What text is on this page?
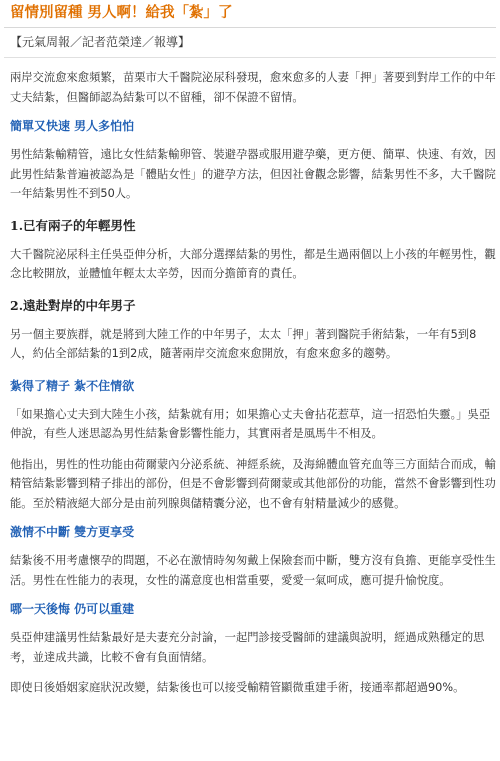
留情別留種 男人啊！給我「紮」了
【元氣周報／記者范榮達／報導】

兩岸交流愈來愈頻繁，苗栗市大千醫院泌尿科發現，愈來愈多的人妻「押」著要到對岸工作的中年丈夫結紮，但醫師認為結紮可以不留種，卻不保證不留情。

簡單又快速 男人多怕怕

男性結紮輸精管，遠比女性結紮輸卵管、裝避孕器或服用避孕藥，更方便、簡單、快速、有效，因此男性結紮普遍被認為是「體貼女性」的避孕方法，但因社會觀念影響，結紮男性不多，大千醫院一年結紮男性不到50人。

1.已有兩子的年輕男性

大千醫院泌尿科主任吳亞伸分析，大部分選擇結紮的男性，都是生過兩個以上小孩的年輕男性，觀念比較開放，並體恤年輕太太辛勞，因而分擔節育的責任。

2.遠赴對岸的中年男子

另一個主要族群，就是將到大陸工作的中年男子，太太「押」著到醫院手術結紮，一年有5到8人，約佔全部結紮的1到2成，隨著兩岸交流愈來愈開放，有愈來愈多的趨勢。

紮得了精子 紮不住情欲

「如果擔心丈夫到大陸生小孩，結紮就有用；如果擔心丈夫會拈花惹草，這一招恐怕失靈。」吳亞伸說，有些人迷思認為男性結紮會影響性能力，其實兩者是風馬牛不相及。

他指出，男性的性功能由荷爾蒙內分泌系統、神經系統，及海綿體血管充血等三方面結合而成，輸精管結紮影響到精子排出的部份，但是不會影響到荷爾蒙或其他部份的功能，當然不會影響到性功能。至於精液絕大部分是由前列腺與儲精囊分泌，也不會有射精量減少的感覺。

激情不中斷 雙方更享受

結紮後不用考慮懷孕的問題，不必在激情時匆匆戴上保險套而中斷，雙方沒有負擔、更能享受性生活。男性在性能力的表現，女性的滿意度也相當重要，愛愛一氣呵成，應可提升愉悅度。

哪一天後悔 仍可以重建

吳亞伸建議男性結紮最好是夫妻充分討論，一起門診接受醫師的建議與說明，經過成熟穩定的思考，並達成共識，比較不會有負面情緒。

即使日後婚姻家庭狀況改變，結紮後也可以接受輸精管顯微重建手術，接通率都超過90%。
